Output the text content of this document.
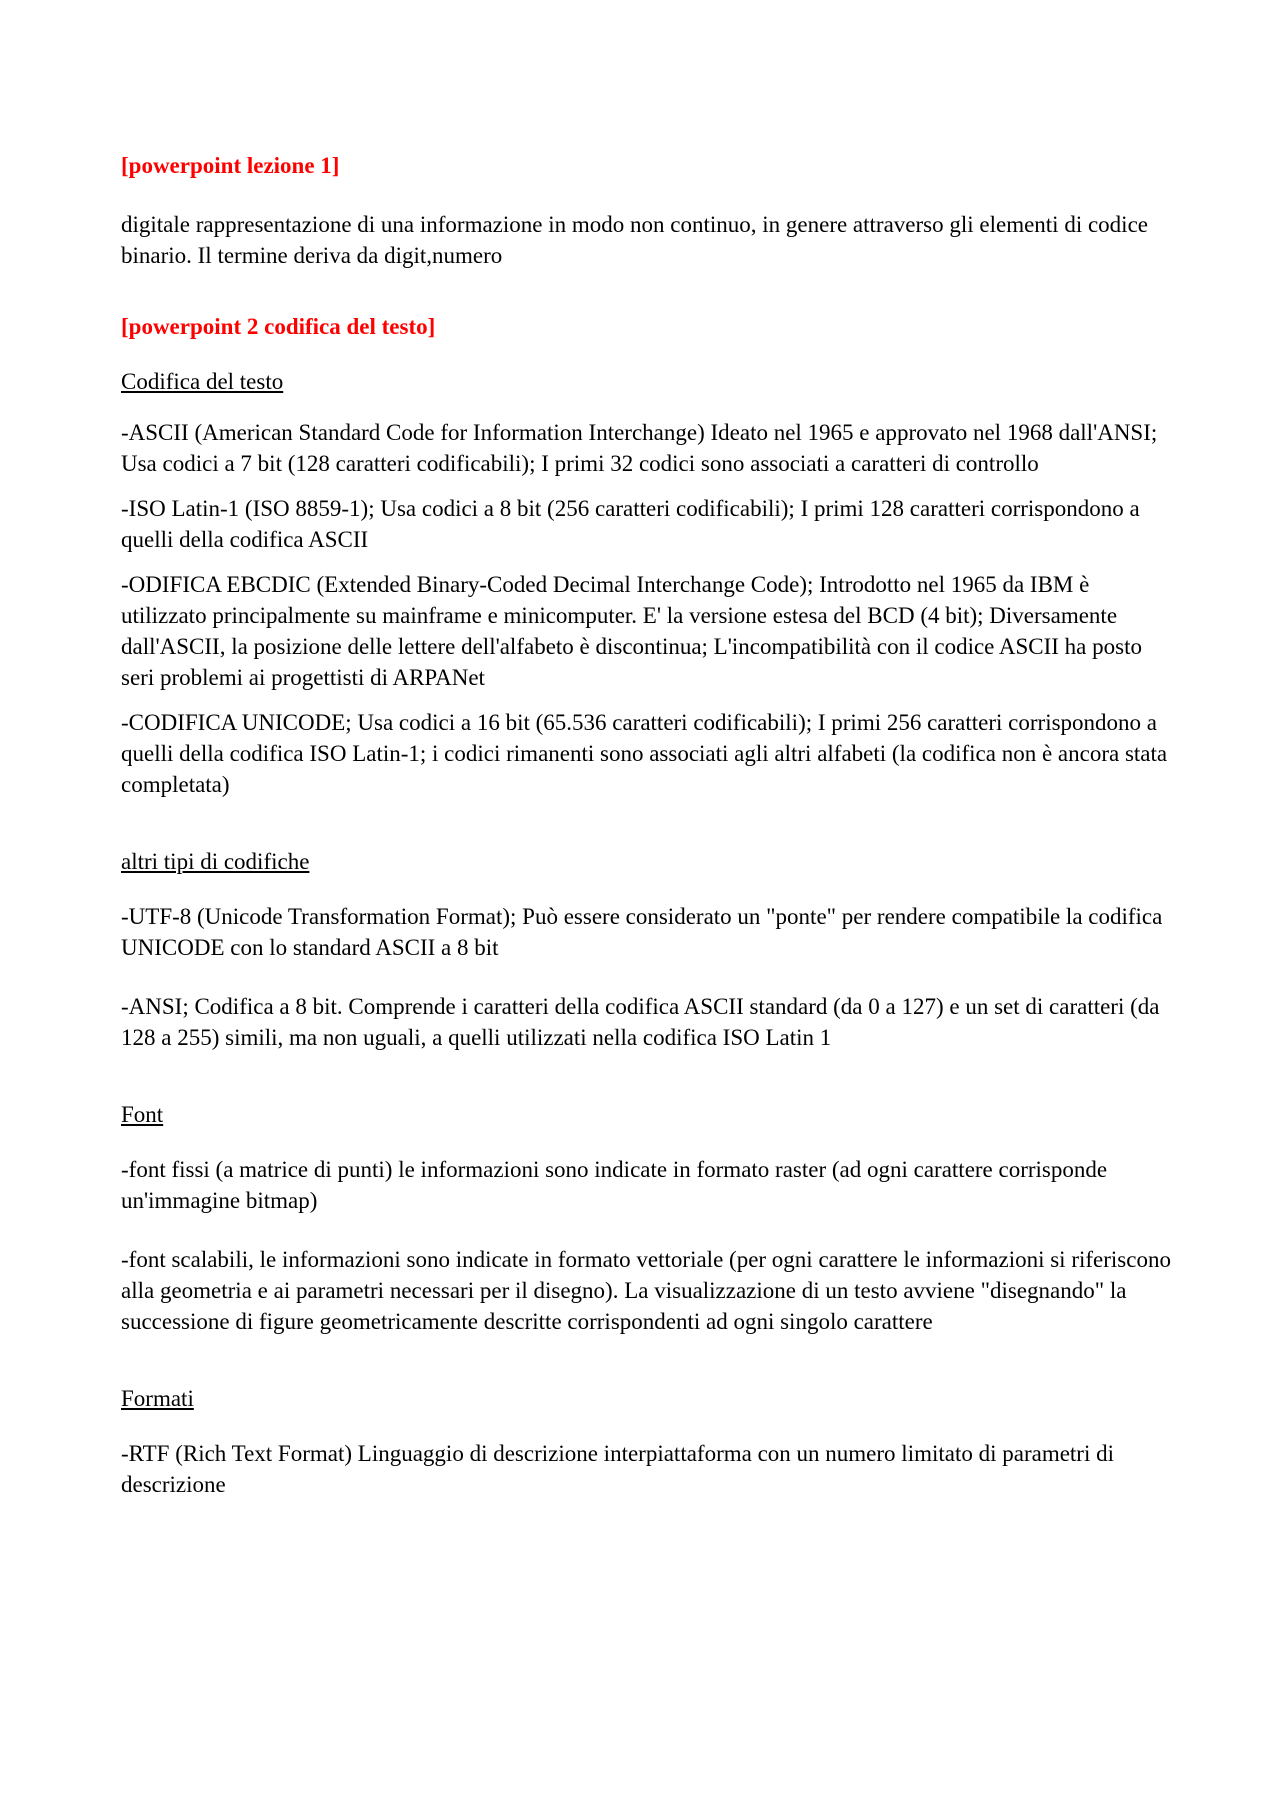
[powerpoint lezione 1]

digitale rappresentazione di una informazione in modo non continuo, in genere attraverso gli elementi di codice binario. Il termine deriva da digit,numero

[powerpoint 2 codifica del testo]

Codifica del testo

-ASCII (American Standard Code for Information Interchange) Ideato nel 1965 e approvato nel 1968 dall'ANSI; Usa codici a 7 bit (128 caratteri codificabili); I primi 32 codici sono associati a caratteri di controllo

-ISO Latin-1 (ISO 8859-1); Usa codici a 8 bit (256 caratteri codificabili); I primi 128 caratteri corrispondono a quelli della codifica ASCII

-ODIFICA EBCDIC (Extended Binary-Coded Decimal Interchange Code); Introdotto nel 1965 da IBM è utilizzato principalmente su mainframe e minicomputer. E' la versione estesa del BCD (4 bit); Diversamente dall'ASCII, la posizione delle lettere dell'alfabeto è discontinua; L'incompatibilità con il codice ASCII ha posto seri problemi ai progettisti di ARPANet

-CODIFICA UNICODE; Usa codici a 16 bit (65.536 caratteri codificabili); I primi 256 caratteri corrispondono a quelli della codifica ISO Latin-1; i codici rimanenti sono associati agli altri alfabeti (la codifica non è ancora stata completata)

altri tipi di codifiche

-UTF-8 (Unicode Transformation Format); Può essere considerato un "ponte" per rendere compatibile la codifica UNICODE con lo standard ASCII a 8 bit

-ANSI; Codifica a 8 bit. Comprende i caratteri della codifica ASCII standard (da 0 a 127) e un set di caratteri (da 128 a 255) simili, ma non uguali, a quelli utilizzati nella codifica ISO Latin 1

Font

-font fissi (a matrice di punti) le informazioni sono indicate in formato raster (ad ogni carattere corrisponde un'immagine bitmap)

-font scalabili, le informazioni sono indicate in formato vettoriale (per ogni carattere le informazioni si riferiscono alla geometria e ai parametri necessari per il disegno). La visualizzazione di un testo avviene "disegnando" la successione di figure geometricamente descritte corrispondenti ad ogni singolo carattere

Formati

-RTF (Rich Text Format) Linguaggio di descrizione interpiattaforma con un numero limitato di parametri di descrizione
